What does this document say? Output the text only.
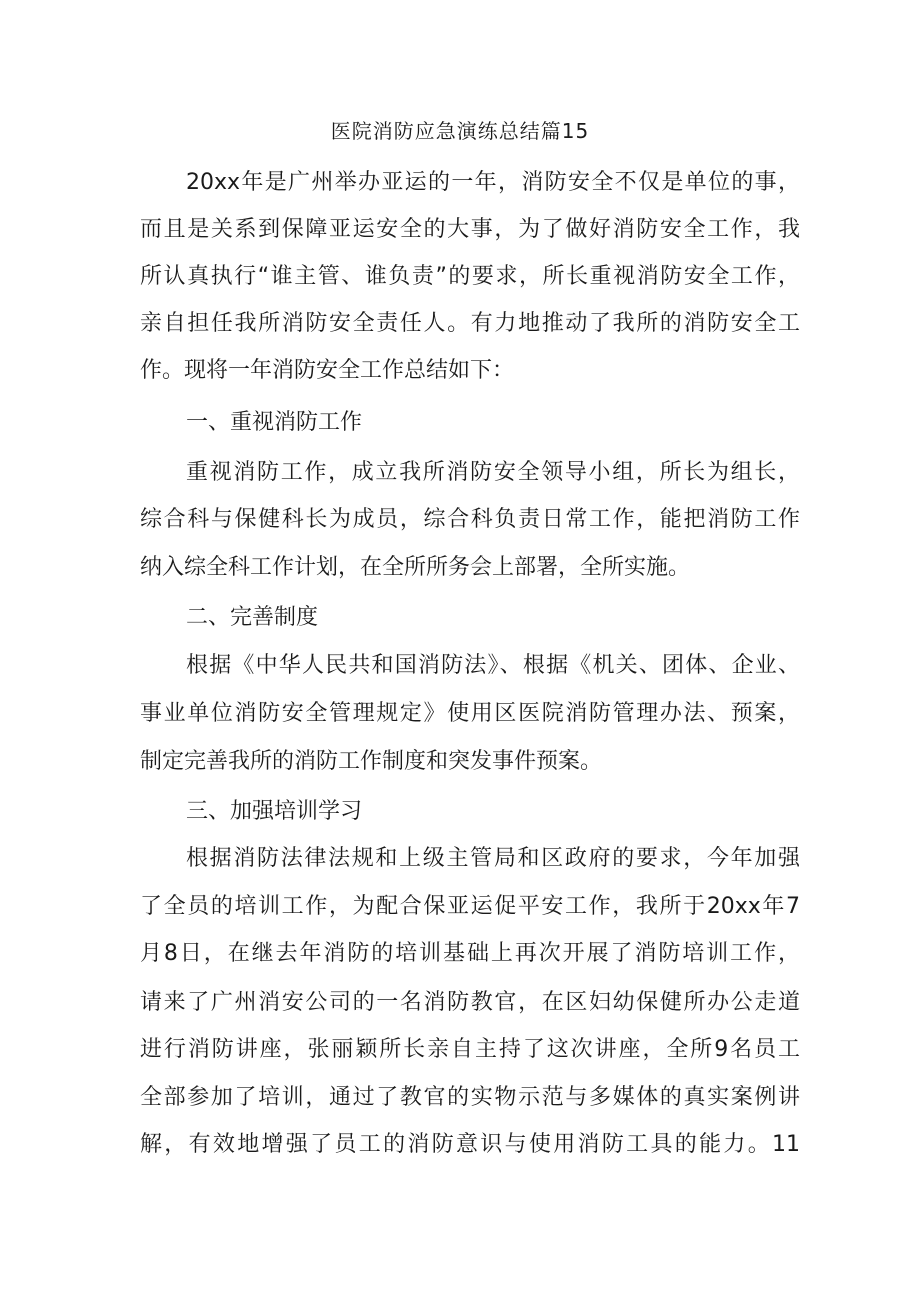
医院消防应急演练总结篇15
20xx年是广州举办亚运的一年，消防安全不仅是单位的事，
而且是关系到保障亚运安全的大事，为了做好消防安全工作，我
所认真执行“谁主管、谁负责”的要求，所长重视消防安全工作，
亲自担任我所消防安全责任人。有力地推动了我所的消防安全工
作。现将一年消防安全工作总结如下：
一、重视消防工作
重视消防工作，成立我所消防安全领导小组，所长为组长，
综合科与保健科长为成员，综合科负责日常工作，能把消防工作
纳入综全科工作计划，在全所所务会上部署，全所实施。
二、完善制度
根据《中华人民共和国消防法》、根据《机关、团体、企业、
事业单位消防安全管理规定》使用区医院消防管理办法、预案，
制定完善我所的消防工作制度和突发事件预案。
三、加强培训学习
根据消防法律法规和上级主管局和区政府的要求，今年加强
了全员的培训工作，为配合保亚运促平安工作，我所于20xx年7
月8日，在继去年消防的培训基础上再次开展了消防培训工作，
请来了广州消安公司的一名消防教官，在区妇幼保健所办公走道
进行消防讲座，张丽颖所长亲自主持了这次讲座，全所9名员工
全部参加了培训，通过了教官的实物示范与多媒体的真实案例讲
解，有效地增强了员工的消防意识与使用消防工具的能力。11
